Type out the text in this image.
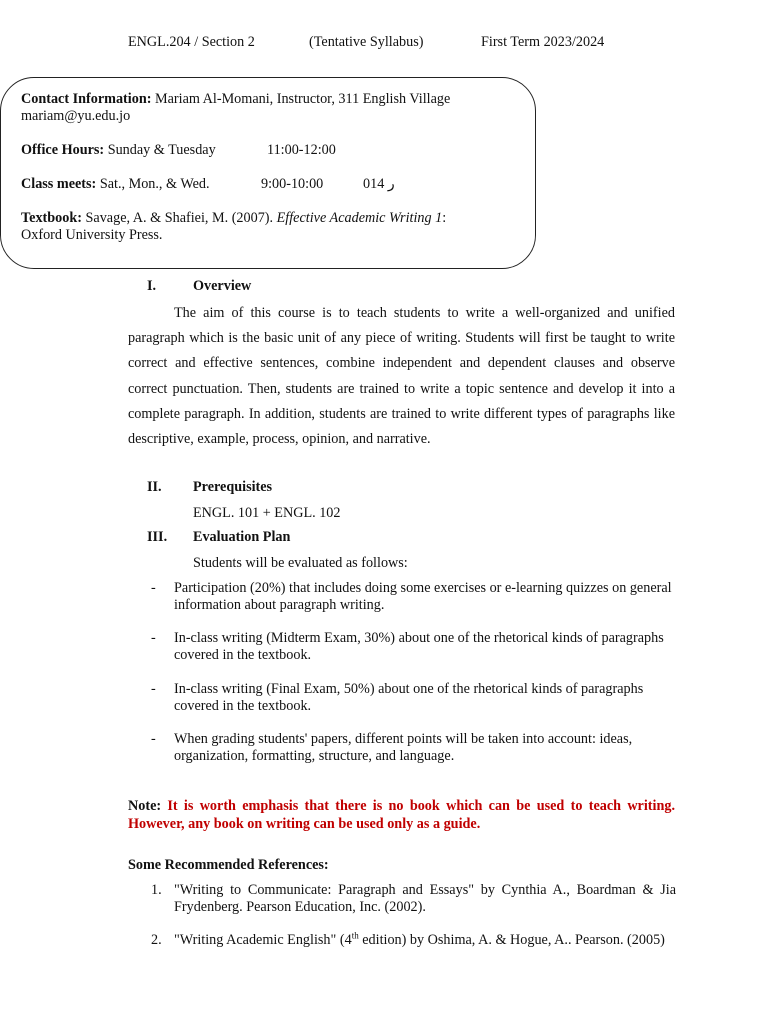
ENGL.204 / Section 2	(Tentative Syllabus)	First Term 2023/2024
Contact Information: Mariam Al-Momani, Instructor, 311 English Village
mariam@yu.edu.jo
Office Hours: Sunday & Tuesday	11:00-12:00
Class meets: Sat., Mon., & Wed.	9:00-10:00	014 ر
Textbook: Savage, A. & Shafiei, M. (2007). Effective Academic Writing 1:
Oxford University Press.
I.	Overview

The aim of this course is to teach students to write a well-organized and unified paragraph which is the basic unit of any piece of writing. Students will first be taught to write correct and effective sentences, combine independent and dependent clauses and observe correct punctuation. Then, students are trained to write a topic sentence and develop it into a complete paragraph. In addition, students are trained to write different types of paragraphs like descriptive, example, process, opinion, and narrative.

II. Prerequisites
ENGL. 101 + ENGL. 102
III. Evaluation Plan
Students will be evaluated as follows:
- Participation (20%) that includes doing some exercises or e-learning quizzes on general information about paragraph writing.
- In-class writing (Midterm Exam, 30%) about one of the rhetorical kinds of paragraphs covered in the textbook.
- In-class writing (Final Exam, 50%) about one of the rhetorical kinds of paragraphs covered in the textbook.
- When grading students' papers, different points will be taken into account: ideas, organization, formatting, structure, and language.
Note: It is worth emphasis that there is no book which can be used to teach writing. However, any book on writing can be used only as a guide.
Some Recommended References:
1. "Writing to Communicate: Paragraph and Essays" by Cynthia A., Boardman & Jia Frydenberg. Pearson Education, Inc. (2002).
2. "Writing Academic English" (4th edition) by Oshima, A. & Hogue, A.. Pearson. (2005)
